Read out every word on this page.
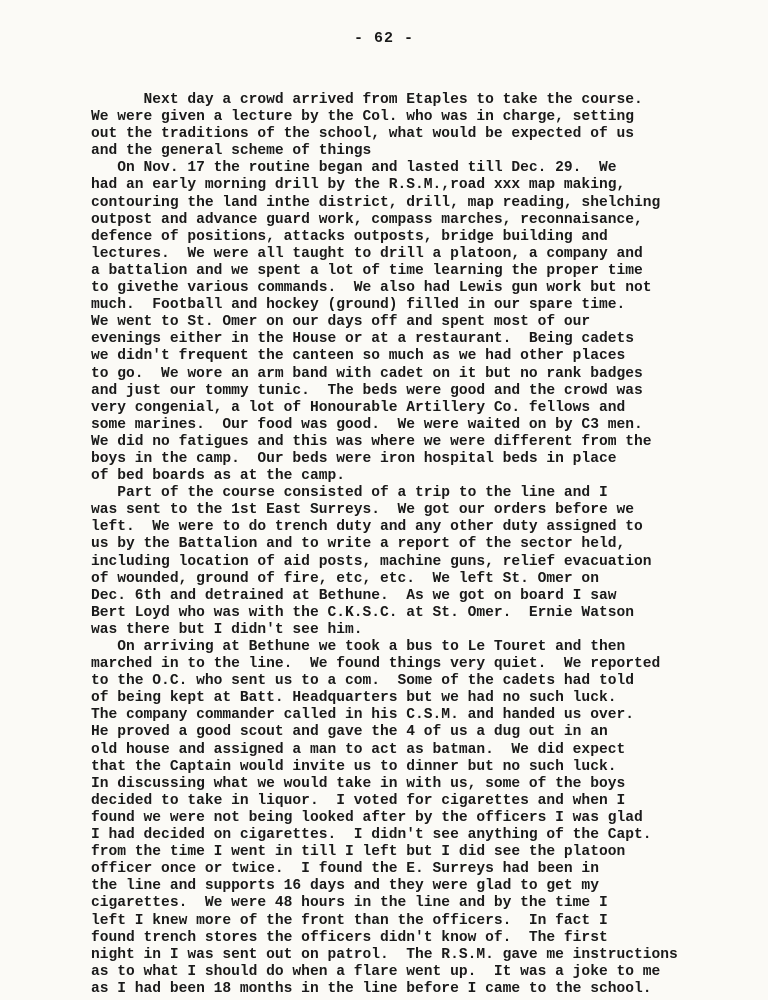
- 62 -
Next day a crowd arrived from Etaples to take the course.
We were given a lecture by the Col. who was in charge, setting
out the traditions of the school, what would be expected of us
and the general scheme of things
On Nov. 17 the routine began and lasted till Dec. 29.  We
had an early morning drill by the R.S.M.,road xxx map making,
contouring the land inthe district, drill, map reading, shelching
outpost and advance guard work, compass marches, reconnaisance,
defence of positions, attacks outposts, bridge building and
lectures.  We were all taught to drill a platoon, a company and
a battalion and we spent a lot of time learning the proper time
to givethe various commands.  We also had Lewis gun work but not
much.  Football and hockey (ground) filled in our spare time.
We went to St. Omer on our days off and spent most of our
evenings either in the House or at a restaurant.  Being cadets
we didn't frequent the canteen so much as we had other places
to go.  We wore an arm band with cadet on it but no rank badges
and just our tommy tunic.  The beds were good and the crowd was
very congenial, a lot of Honourable Artillery Co. fellows and
some marines.  Our food was good.  We were waited on by C3 men.
We did no fatigues and this was where we were different from the
boys in the camp.  Our beds were iron hospital beds in place
of bed boards as at the camp.
Part of the course consisted of a trip to the line and I
was sent to the 1st East Surreys.  We got our orders before we
left.  We were to do trench duty and any other duty assigned to
us by the Battalion and to write a report of the sector held,
including location of aid posts, machine guns, relief evacuation
of wounded, ground of fire, etc, etc.  We left St. Omer on
Dec. 6th and detrained at Bethune.  As we got on board I saw
Bert Loyd who was with the C.K.S.C. at St. Omer.  Ernie Watson
was there but I didn't see him.
On arriving at Bethune we took a bus to Le Touret and then
marched in to the line.  We found things very quiet.  We reported
to the O.C. who sent us to a com.  Some of the cadets had told
of being kept at Batt. Headquarters but we had no such luck.
The company commander called in his C.S.M. and handed us over.
He proved a good scout and gave the 4 of us a dug out in an
old house and assigned a man to act as batman.  We did expect
that the Captain would invite us to dinner but no such luck.
In discussing what we would take in with us, some of the boys
decided to take in liquor.  I voted for cigarettes and when I
found we were not being looked after by the officers I was glad
I had decided on cigarettes.  I didn't see anything of the Capt.
from the time I went in till I left but I did see the platoon
officer once or twice.  I found the E. Surreys had been in
the line and supports 16 days and they were glad to get my
cigarettes.  We were 48 hours in the line and by the time I
left I knew more of the front than the officers.  In fact I
found trench stores the officers didn't know of.  The first
night in I was sent out on patrol.  The R.S.M. gave me instructions
as to what I should do when a flare went up.  It was a joke to me
as I had been 18 months in the line before I came to the school.
